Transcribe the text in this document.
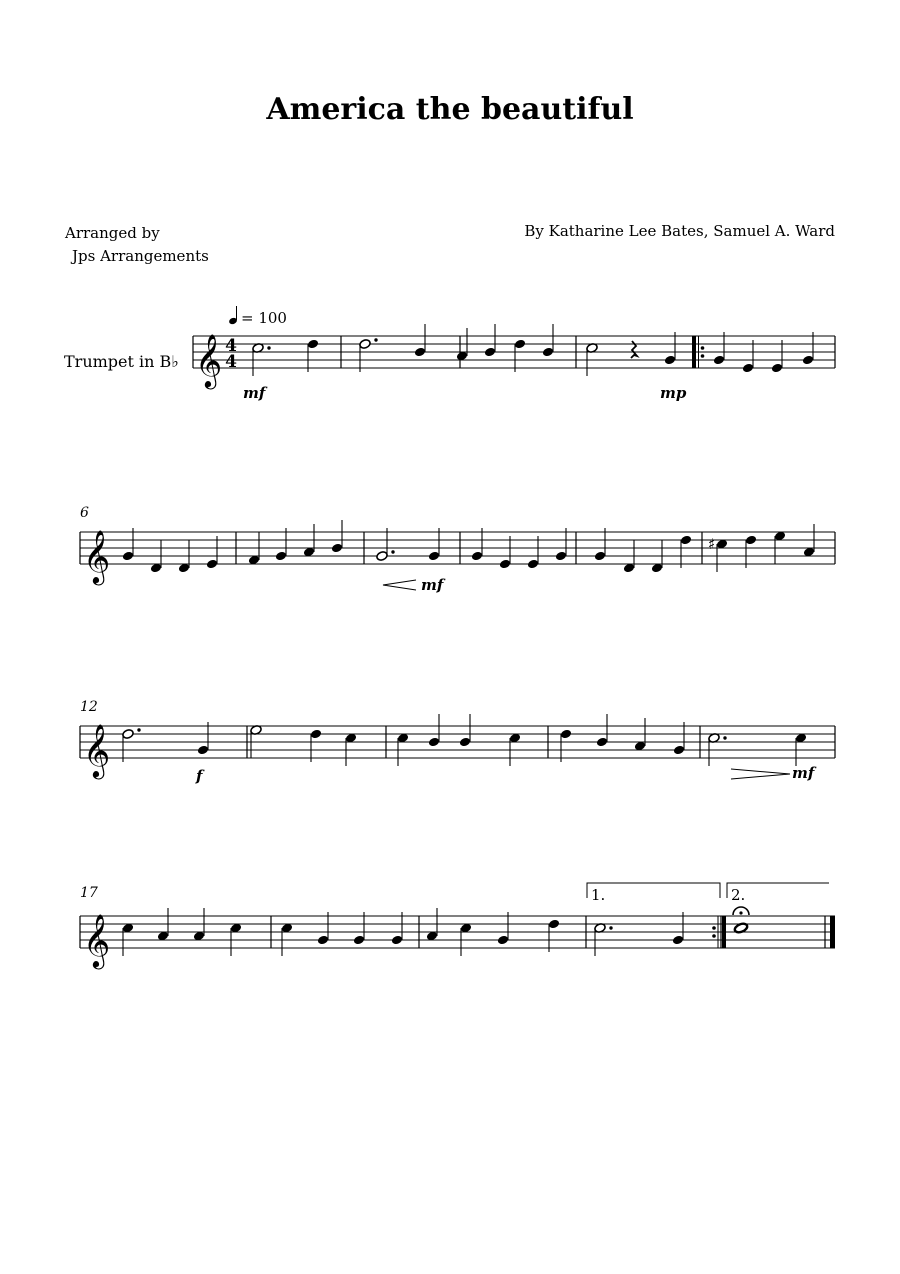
America the beautiful
Arranged by
Jps Arrangements
By Katharine Lee Bates, Samuel A. Ward
𝄞
𝄞
𝄞
𝄞
4
4
Trumpet in B♭
= 100
6
12
17
mf	mp
mf
f	mf
1.	2.
♯
